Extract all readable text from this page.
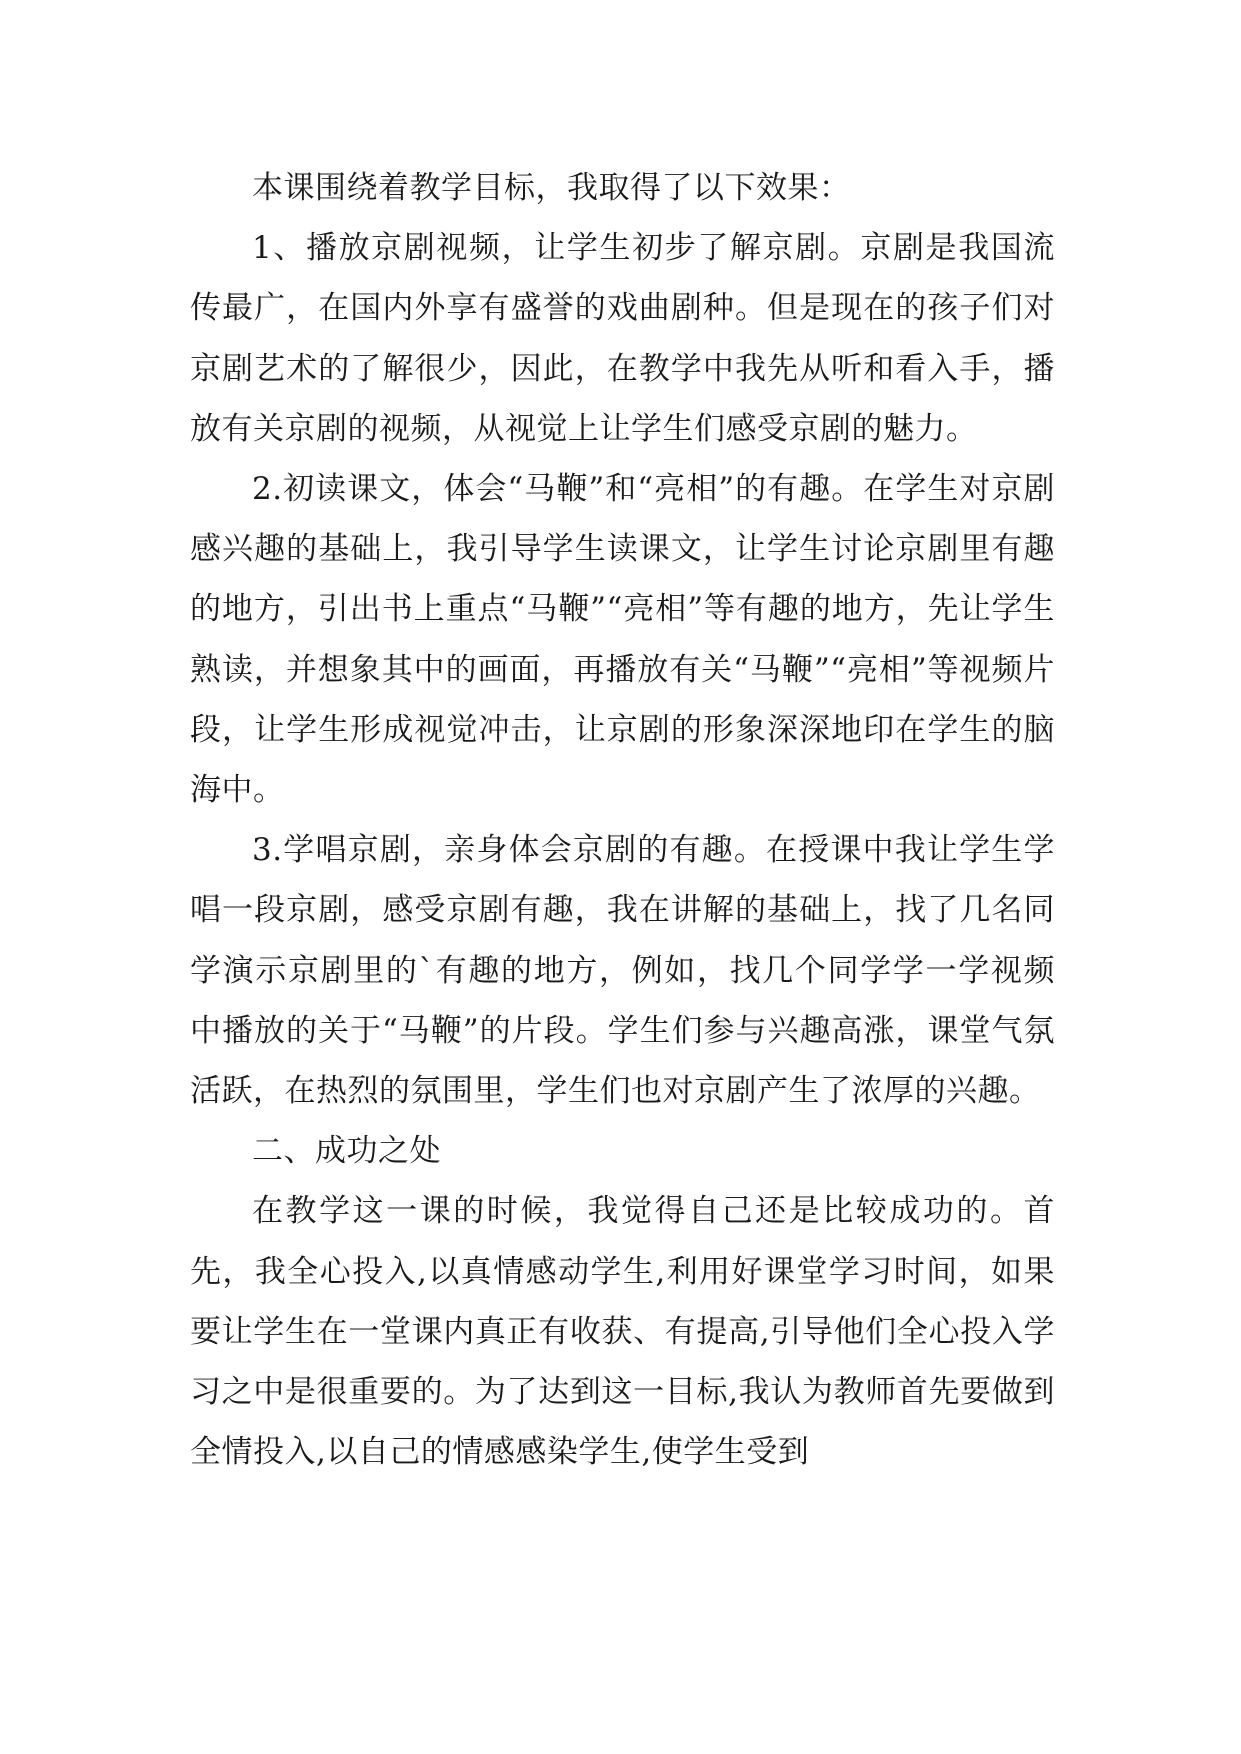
本课围绕着教学目标，我取得了以下效果：

1、播放京剧视频，让学生初步了解京剧。京剧是我国流传最广，在国内外享有盛誉的戏曲剧种。但是现在的孩子们对京剧艺术的了解很少，因此，在教学中我先从听和看入手，播放有关京剧的视频，从视觉上让学生们感受京剧的魅力。

2.初读课文，体会“马鞭”和“亮相”的有趣。在学生对京剧感兴趣的基础上，我引导学生读课文，让学生讨论京剧里有趣的地方，引出书上重点“马鞭”“亮相”等有趣的地方，先让学生熟读，并想象其中的画面，再播放有关“马鞭”“亮相”等视频片段，让学生形成视觉冲击，让京剧的形象深深地印在学生的脑海中。

3.学唱京剧，亲身体会京剧的有趣。在授课中我让学生学唱一段京剧，感受京剧有趣，我在讲解的基础上，找了几名同学演示京剧里的`有趣的地方，例如，找几个同学学一学视频中播放的关于“马鞭”的片段。学生们参与兴趣高涨，课堂气氛活跃，在热烈的氛围里，学生们也对京剧产生了浓厚的兴趣。

二、成功之处

在教学这一课的时候，我觉得自己还是比较成功的。首先，我全心投入,以真情感动学生,利用好课堂学习时间，如果要让学生在一堂课内真正有收获、有提高,引导他们全心投入学习之中是很重要的。为了达到这一目标,我认为教师首先要做到全情投入,以自己的情感感染学生,使学生受到
